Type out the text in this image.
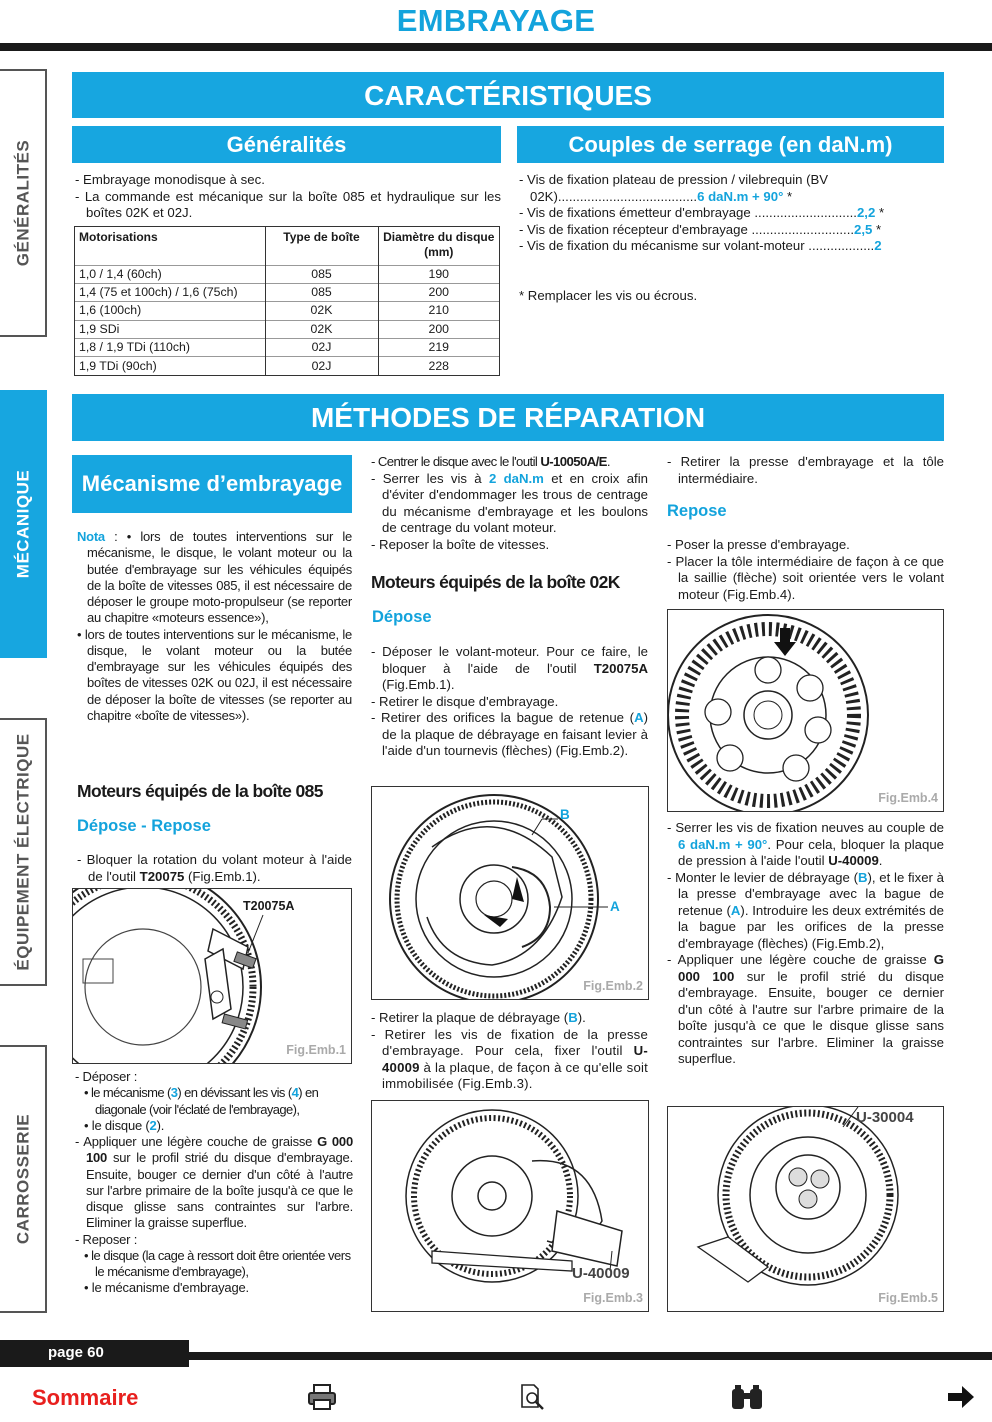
EMBRAYAGE
GÉNÉRALITÉS
MÉCANIQUE
ÉQUIPEMENT ÉLECTRIQUE
CARROSSERIE
CARACTÉRISTIQUES
Généralités

- Embrayage monodisque à sec.

- La commande est mécanique sur la boîte 085 et hydraulique sur les boîtes 02K et 02J.

Motorisations	Type de boîte	Diamètre du disque (mm)
1,0 / 1,4 (60ch)	085	190
1,4 (75 et 100ch) / 1,6 (75ch)	085	200
1,6 (100ch)	02K	210
1,9 SDi	02K	200
1,8 / 1,9 TDi (110ch)	02J	219
1,9 TDi (90ch)	02J	228
Couples de serrage (en daN.m)

- Vis de fixation plateau de pression / vilebrequin (BV 02K)......................................6 daN.m + 90° *

- Vis de fixations émetteur d'embrayage ............................2,2 *

- Vis de fixation récepteur d'embrayage ............................2,5 *

- Vis de fixation du mécanisme sur volant-moteur ..................2

* Remplacer les vis ou écrous.
MÉTHODES DE RÉPARATION
Mécanisme d’embrayage

Nota : • lors de toutes interventions sur le mécanisme, le disque, le volant moteur ou la butée d'embrayage sur les véhicules équipés de la boîte de vitesses 085, il est nécessaire de déposer le groupe moto-propulseur (se reporter au chapitre «moteurs essence»),

• lors de toutes interventions sur le mécanisme, le disque, le volant moteur ou la butée d'embrayage sur les véhicules équipés des boîtes de vitesses 02K ou 02J, il est nécessaire de déposer la boîte de vitesses (se reporter au chapitre «boîte de vitesses»).

Moteurs équipés de la boîte 085
Dépose - Repose

- Bloquer la rotation du volant moteur à l'aide de l'outil T20075 (Fig.Emb.1).

T20075A
Fig.Emb.1

- Déposer :

• le mécanisme (3) en dévissant les vis (4) en diagonale (voir l'éclaté de l'embrayage),

• le disque (2).

- Appliquer une légère couche de graisse G 000 100 sur le profil strié du disque d'embrayage. Ensuite, bouger ce dernier d'un côté à l'autre sur l'arbre primaire de la boîte jusqu'à ce que le disque glisse sans contraintes sur l'arbre. Eliminer la graisse superflue.

- Reposer :

• le disque (la cage à ressort doit être orientée vers le mécanisme d'embrayage),

• le mécanisme d'embrayage.

- Centrer le disque avec le l'outil U-10050A/E.

- Serrer les vis à 2 daN.m et en croix afin d'éviter d'endommager les trous de centrage du mécanisme d'embrayage et les boulons de centrage du volant moteur.

- Reposer la boîte de vitesses.

Moteurs équipés de la boîte 02K
Dépose

- Déposer le volant-moteur. Pour ce faire, le bloquer à l'aide de l'outil T20075A (Fig.Emb.1).

- Retirer le disque d'embrayage.

- Retirer des orifices la bague de retenue (A) de la plaque de débrayage en faisant levier à l'aide d'un tournevis (flèches) (Fig.Emb.2).

B
A
Fig.Emb.2

- Retirer la plaque de débrayage (B).

- Retirer les vis de fixation de la presse d'embrayage. Pour cela, fixer l'outil U-40009 à la plaque, de façon à ce qu'elle soit immobilisée (Fig.Emb.3).

U-40009
Fig.Emb.3

- Retirer la presse d'embrayage et la tôle intermédiaire.

Repose

- Poser la presse d'embrayage.

- Placer la tôle intermédiaire de façon à ce que la saillie (flèche) soit orientée vers le volant moteur (Fig.Emb.4).

Fig.Emb.4

- Serrer les vis de fixation neuves au couple de 6 daN.m + 90°. Pour cela, bloquer la plaque de pression à l'aide l'outil U-40009.

- Monter le levier de débrayage (B), et le fixer à la presse d'embrayage avec la bague de retenue (A). Introduire les deux extrémités de la bague par les orifices de la presse d'embrayage (flèches) (Fig.Emb.2),

- Appliquer une légère couche de graisse G 000 100 sur le profil strié du disque d'embrayage. Ensuite, bouger ce dernier d'un côté à l'autre sur l'arbre primaire de la boîte jusqu'à ce que le disque glisse sans contraintes sur l'arbre. Eliminer la graisse superflue.

U-30004
Fig.Emb.5
page 60
Sommaire
